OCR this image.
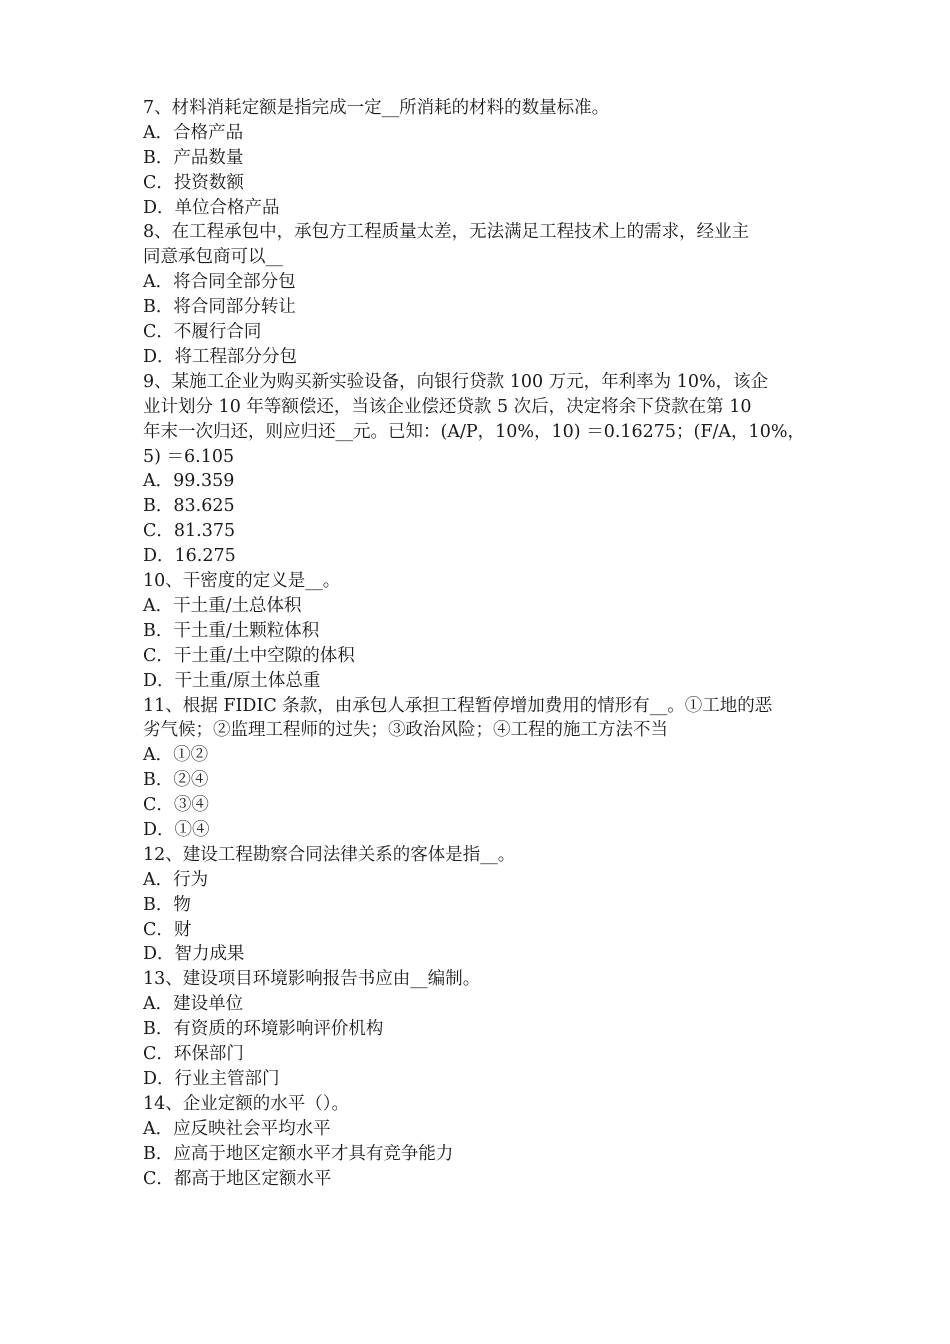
7、材料消耗定额是指完成一定__所消耗的材料的数量标准。
A．合格产品
B．产品数量
C．投资数额
D．单位合格产品
8、在工程承包中，承包方工程质量太差，无法满足工程技术上的需求，经业主
同意承包商可以__
A．将合同全部分包
B．将合同部分转让
C．不履行合同
D．将工程部分分包
9、某施工企业为购买新实验设备，向银行贷款 100 万元，年利率为 10%，该企
业计划分 10 年等额偿还，当该企业偿还贷款 5 次后，决定将余下贷款在第 10
年末一次归还，则应归还__元。已知：(A/P，10%，10) ＝0.16275；(F/A，10%，
5) ＝6.105
A．99.359
B．83.625
C．81.375
D．16.275
10、干密度的定义是__。
A．干土重/土总体积
B．干土重/土颗粒体积
C．干土重/土中空隙的体积
D．干土重/原土体总重
11、根据 FIDIC 条款，由承包人承担工程暂停增加费用的情形有__。①工地的恶
劣气候；②监理工程师的过失；③政治风险；④工程的施工方法不当
A．①②
B．②④
C．③④
D．①④
12、建设工程勘察合同法律关系的客体是指__。
A．行为
B．物
C．财
D．智力成果
13、建设项目环境影响报告书应由__编制。
A．建设单位
B．有资质的环境影响评价机构
C．环保部门
D．行业主管部门
14、企业定额的水平（）。
A．应反映社会平均水平
B．应高于地区定额水平才具有竞争能力
C．都高于地区定额水平
